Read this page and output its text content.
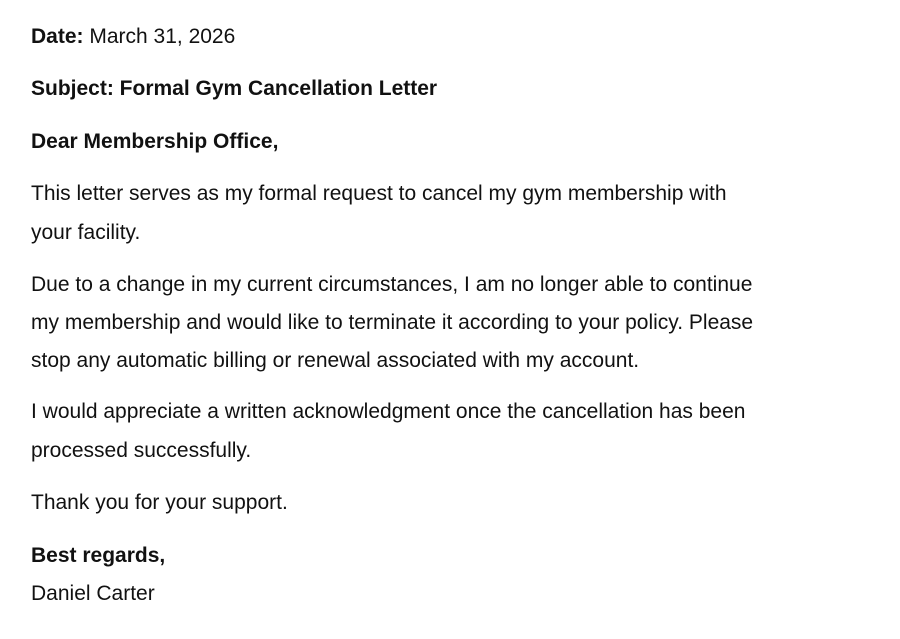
Date: March 31, 2026

Subject: Formal Gym Cancellation Letter

Dear Membership Office,

This letter serves as my formal request to cancel my gym membership with

your facility.

Due to a change in my current circumstances, I am no longer able to continue

my membership and would like to terminate it according to your policy. Please

stop any automatic billing or renewal associated with my account.

I would appreciate a written acknowledgment once the cancellation has been

processed successfully.

Thank you for your support.

Best regards,

Daniel Carter
